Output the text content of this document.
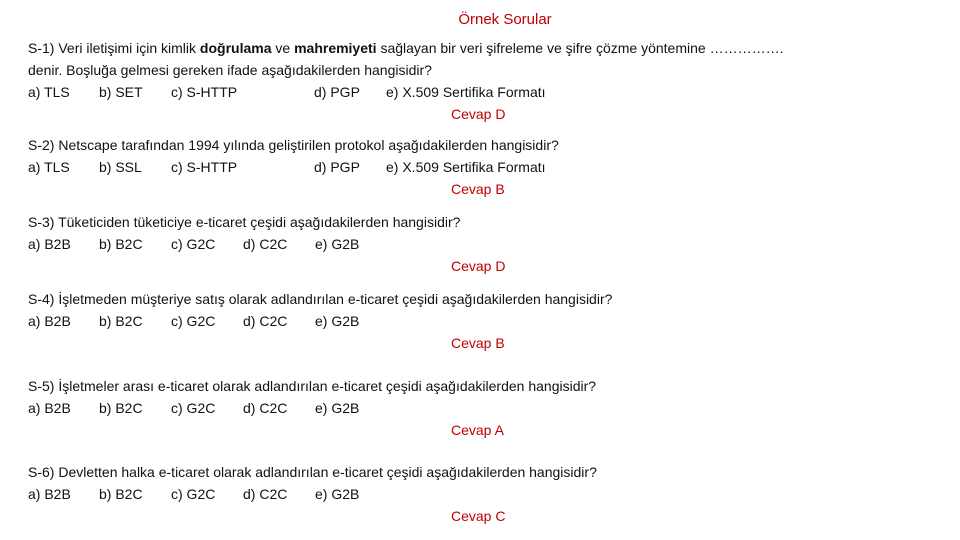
Örnek Sorular
S-1) Veri iletişimi için kimlik doğrulama ve mahremiyeti sağlayan bir veri şifreleme ve şifre çözme yöntemine …………….
denir. Boşluğa gelmesi gereken ifade aşağıdakilerden hangisidir?
a) TLS b) SET c) S-HTTP	d) PGP e) X.509 Sertifika Formatı
Cevap D
S-2) Netscape tarafından 1994 yılında geliştirilen protokol aşağıdakilerden hangisidir?
a) TLS b) SSL c) S-HTTP	d) PGP e) X.509 Sertifika Formatı
Cevap B
S-3) Tüketiciden tüketiciye e-ticaret çeşidi aşağıdakilerden hangisidir?
a) B2B b) B2C c) G2C d) C2C e) G2B
Cevap D
S-4) İşletmeden müşteriye satış olarak adlandırılan e-ticaret çeşidi aşağıdakilerden hangisidir?
a) B2B b) B2C c) G2C d) C2C e) G2B
Cevap B
S-5) İşletmeler arası e-ticaret olarak adlandırılan e-ticaret çeşidi aşağıdakilerden hangisidir?
a) B2B b) B2C c) G2C d) C2C e) G2B
Cevap A
S-6) Devletten halka e-ticaret olarak adlandırılan e-ticaret çeşidi aşağıdakilerden hangisidir?
a) B2B b) B2C c) G2C d) C2C e) G2B
Cevap C
